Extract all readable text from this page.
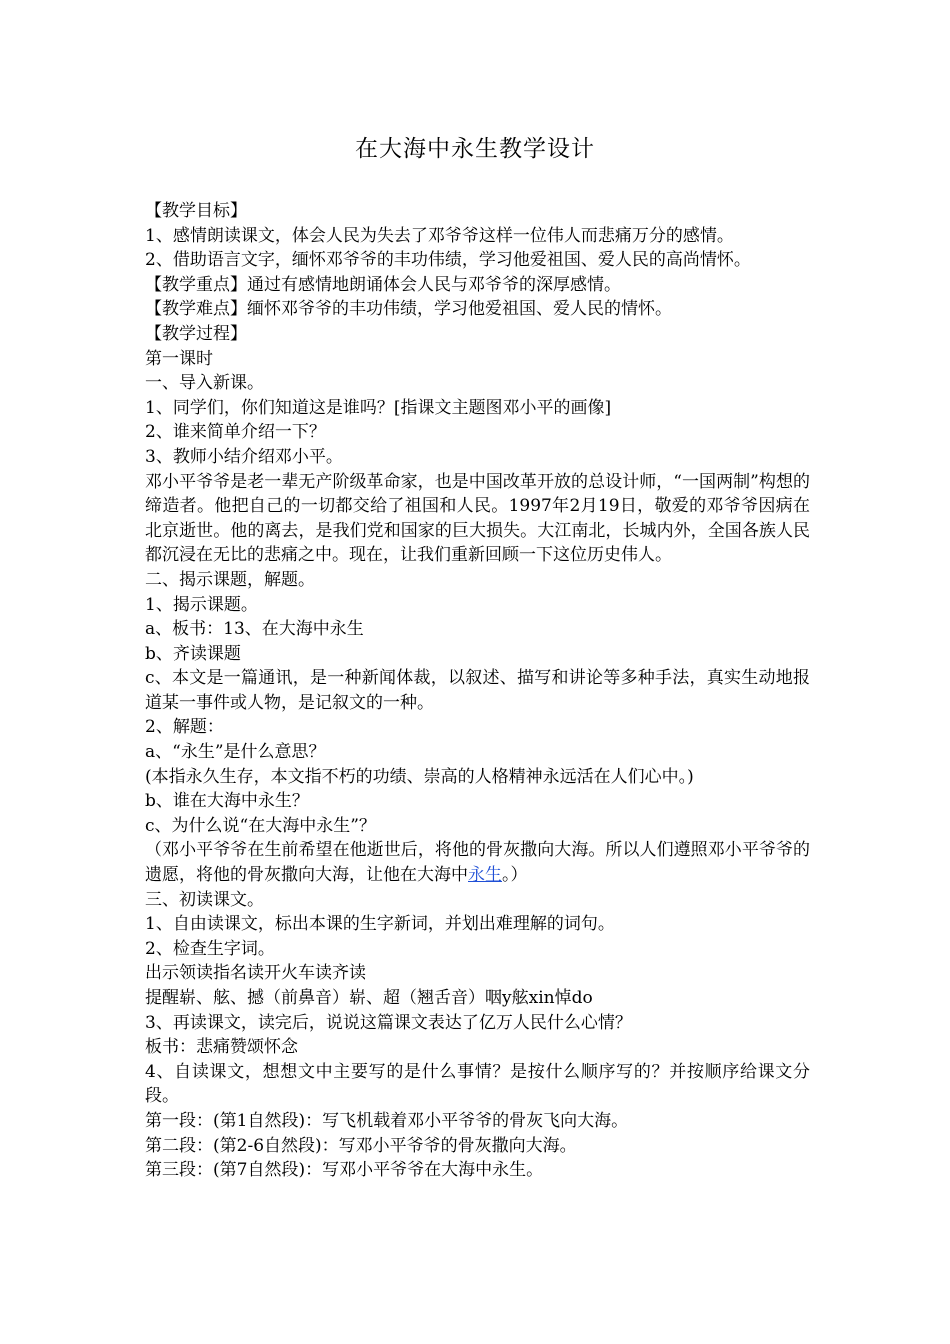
在大海中永生教学设计

【教学目标】

1、感情朗读课文，体会人民为失去了邓爷爷这样一位伟人而悲痛万分的感情。

2、借助语言文字，缅怀邓爷爷的丰功伟绩，学习他爱祖国、爱人民的高尚情怀。

【教学重点】通过有感情地朗诵体会人民与邓爷爷的深厚感情。

【教学难点】缅怀邓爷爷的丰功伟绩，学习他爱祖国、爱人民的情怀。

【教学过程】

第一课时

一、导入新课。

1、同学们，你们知道这是谁吗？[指课文主题图邓小平的画像]

2、谁来简单介绍一下？

3、教师小结介绍邓小平。

邓小平爷爷是老一辈无产阶级革命家，也是中国改革开放的总设计师，“一国两制”构想的缔造者。他把自己的一切都交给了祖国和人民。1997年2月19日，敬爱的邓爷爷因病在北京逝世。他的离去，是我们党和国家的巨大损失。大江南北，长城内外，全国各族人民都沉浸在无比的悲痛之中。现在，让我们重新回顾一下这位历史伟人。

二、揭示课题，解题。

1、揭示课题。

a、板书：13、在大海中永生

b、齐读课题

c、本文是一篇通讯，是一种新闻体裁，以叙述、描写和讲论等多种手法，真实生动地报道某一事件或人物，是记叙文的一种。

2、解题：

a、“永生”是什么意思？

(本指永久生存，本文指不朽的功绩、崇高的人格精神永远活在人们心中。)

b、谁在大海中永生？

c、为什么说“在大海中永生”？

（邓小平爷爷在生前希望在他逝世后，将他的骨灰撒向大海。所以人们遵照邓小平爷爷的遗愿，将他的骨灰撒向大海，让他在大海中永生。）

三、初读课文。

1、自由读课文，标出本课的生字新词，并划出难理解的词句。

2、检查生字词。

出示领读指名读开火车读齐读

提醒崭、舷、撼（前鼻音）崭、超（翘舌音）咽y舷xin悼do

3、再读课文，读完后，说说这篇课文表达了亿万人民什么心情？

板书：悲痛赞颂怀念

4、自读课文，想想文中主要写的是什么事情？是按什么顺序写的？并按顺序给课文分段。

第一段：(第1自然段)：写飞机载着邓小平爷爷的骨灰飞向大海。

第二段：(第2-6自然段)：写邓小平爷爷的骨灰撒向大海。

第三段：(第7自然段)：写邓小平爷爷在大海中永生。
